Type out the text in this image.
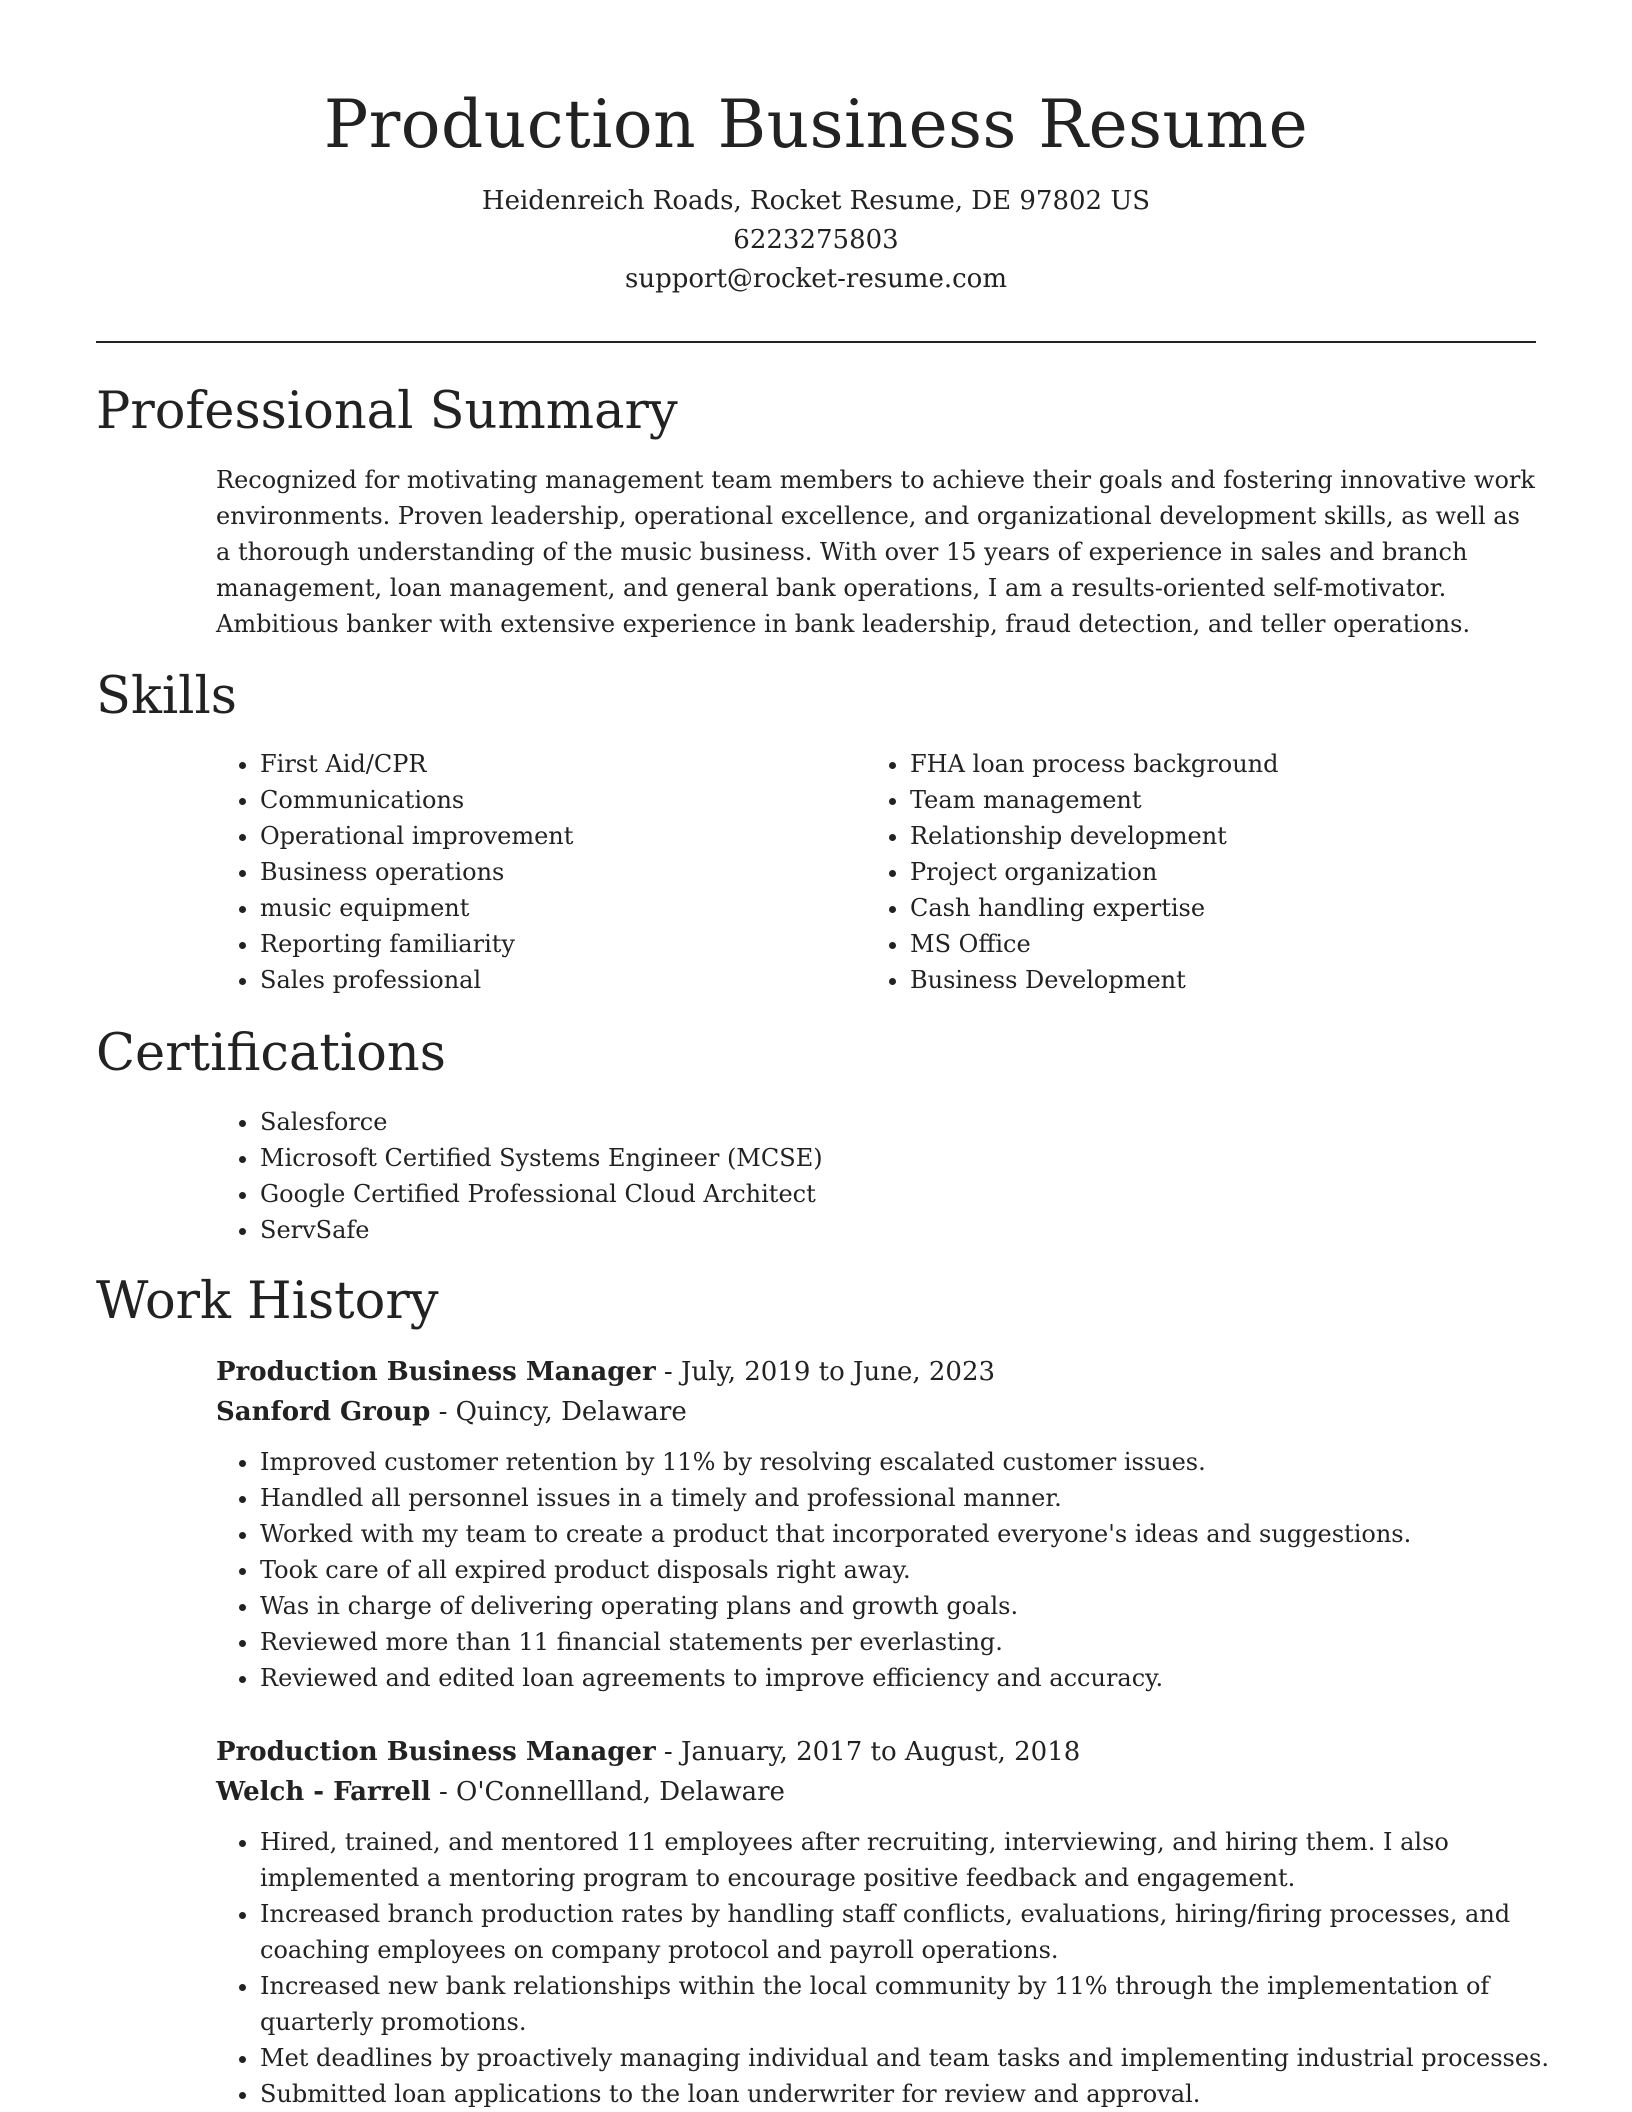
Production Business Resume
Heidenreich Roads, Rocket Resume, DE 97802 US
6223275803
support@rocket-resume.com
Professional Summary

Recognized for motivating management team members to achieve their goals and fostering innovative work environments. Proven leadership, operational excellence, and organizational development skills, as well as a thorough understanding of the music business. With over 15 years of experience in sales and branch management, loan management, and general bank operations, I am a results-oriented self-motivator. Ambitious banker with extensive experience in bank leadership, fraud detection, and teller operations.

Skills
• First Aid/CPR
• Communications
• Operational improvement
• Business operations
• music equipment
• Reporting familiarity
• Sales professional
• FHA loan process background
• Team management
• Relationship development
• Project organization
• Cash handling expertise
• MS Office
• Business Development
Certifications
• Salesforce
• Microsoft Certified Systems Engineer (MCSE)
• Google Certified Professional Cloud Architect
• ServSafe
Work History
Production Business Manager - July, 2019 to June, 2023
Sanford Group - Quincy, Delaware
• Improved customer retention by 11% by resolving escalated customer issues.
• Handled all personnel issues in a timely and professional manner.
• Worked with my team to create a product that incorporated everyone's ideas and suggestions.
• Took care of all expired product disposals right away.
• Was in charge of delivering operating plans and growth goals.
• Reviewed more than 11 financial statements per everlasting.
• Reviewed and edited loan agreements to improve efficiency and accuracy.
Production Business Manager - January, 2017 to August, 2018
Welch - Farrell - O'Connellland, Delaware
• Hired, trained, and mentored 11 employees after recruiting, interviewing, and hiring them. I also implemented a mentoring program to encourage positive feedback and engagement.
• Increased branch production rates by handling staff conflicts, evaluations, hiring/firing processes, and coaching employees on company protocol and payroll operations.
• Increased new bank relationships within the local community by 11% through the implementation of quarterly promotions.
• Met deadlines by proactively managing individual and team tasks and implementing industrial processes.
• Submitted loan applications to the loan underwriter for review and approval.
